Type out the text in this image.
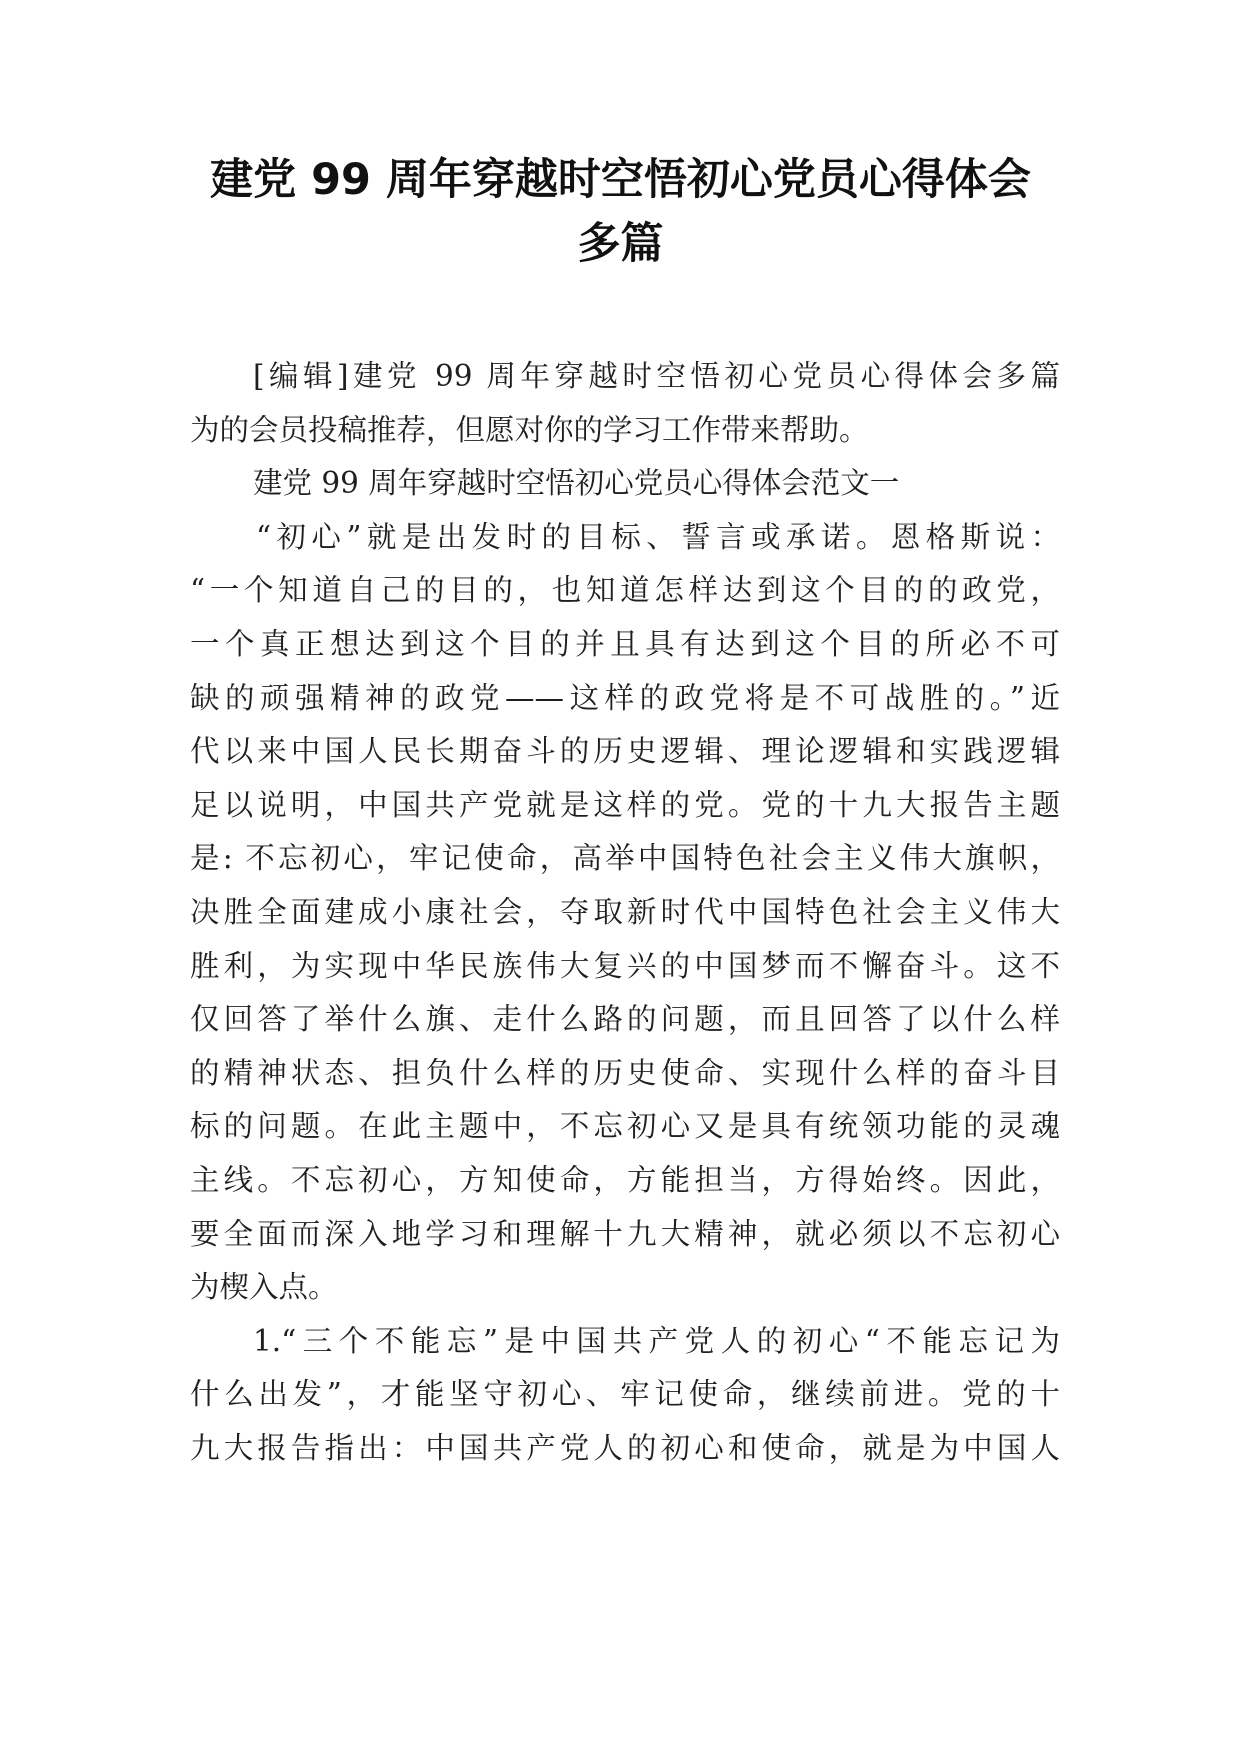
建党 99 周年穿越时空悟初心党员心得体会
多篇
[编辑]建党 99 周年穿越时空悟初心党员心得体会多篇
为的会员投稿推荐，但愿对你的学习工作带来帮助。
建党 99 周年穿越时空悟初心党员心得体会范文一
“初心”就是出发时的目标、誓言或承诺。恩格斯说：
“一个知道自己的目的，也知道怎样达到这个目的的政党，
一个真正想达到这个目的并且具有达到这个目的所必不可
缺的顽强精神的政党——这样的政党将是不可战胜的。”近
代以来中国人民长期奋斗的历史逻辑、理论逻辑和实践逻辑
足以说明，中国共产党就是这样的党。党的十九大报告主题
是: 不忘初心，牢记使命，高举中国特色社会主义伟大旗帜，
决胜全面建成小康社会，夺取新时代中国特色社会主义伟大
胜利，为实现中华民族伟大复兴的中国梦而不懈奋斗。这不
仅回答了举什么旗、走什么路的问题，而且回答了以什么样
的精神状态、担负什么样的历史使命、实现什么样的奋斗目
标的问题。在此主题中，不忘初心又是具有统领功能的灵魂
主线。不忘初心，方知使命，方能担当，方得始终。因此，
要全面而深入地学习和理解十九大精神，就必须以不忘初心
为楔入点。
1.“三个不能忘”是中国共产党人的初心“不能忘记为
什么出发”，才能坚守初心、牢记使命，继续前进。党的十
九大报告指出：中国共产党人的初心和使命，就是为中国人
